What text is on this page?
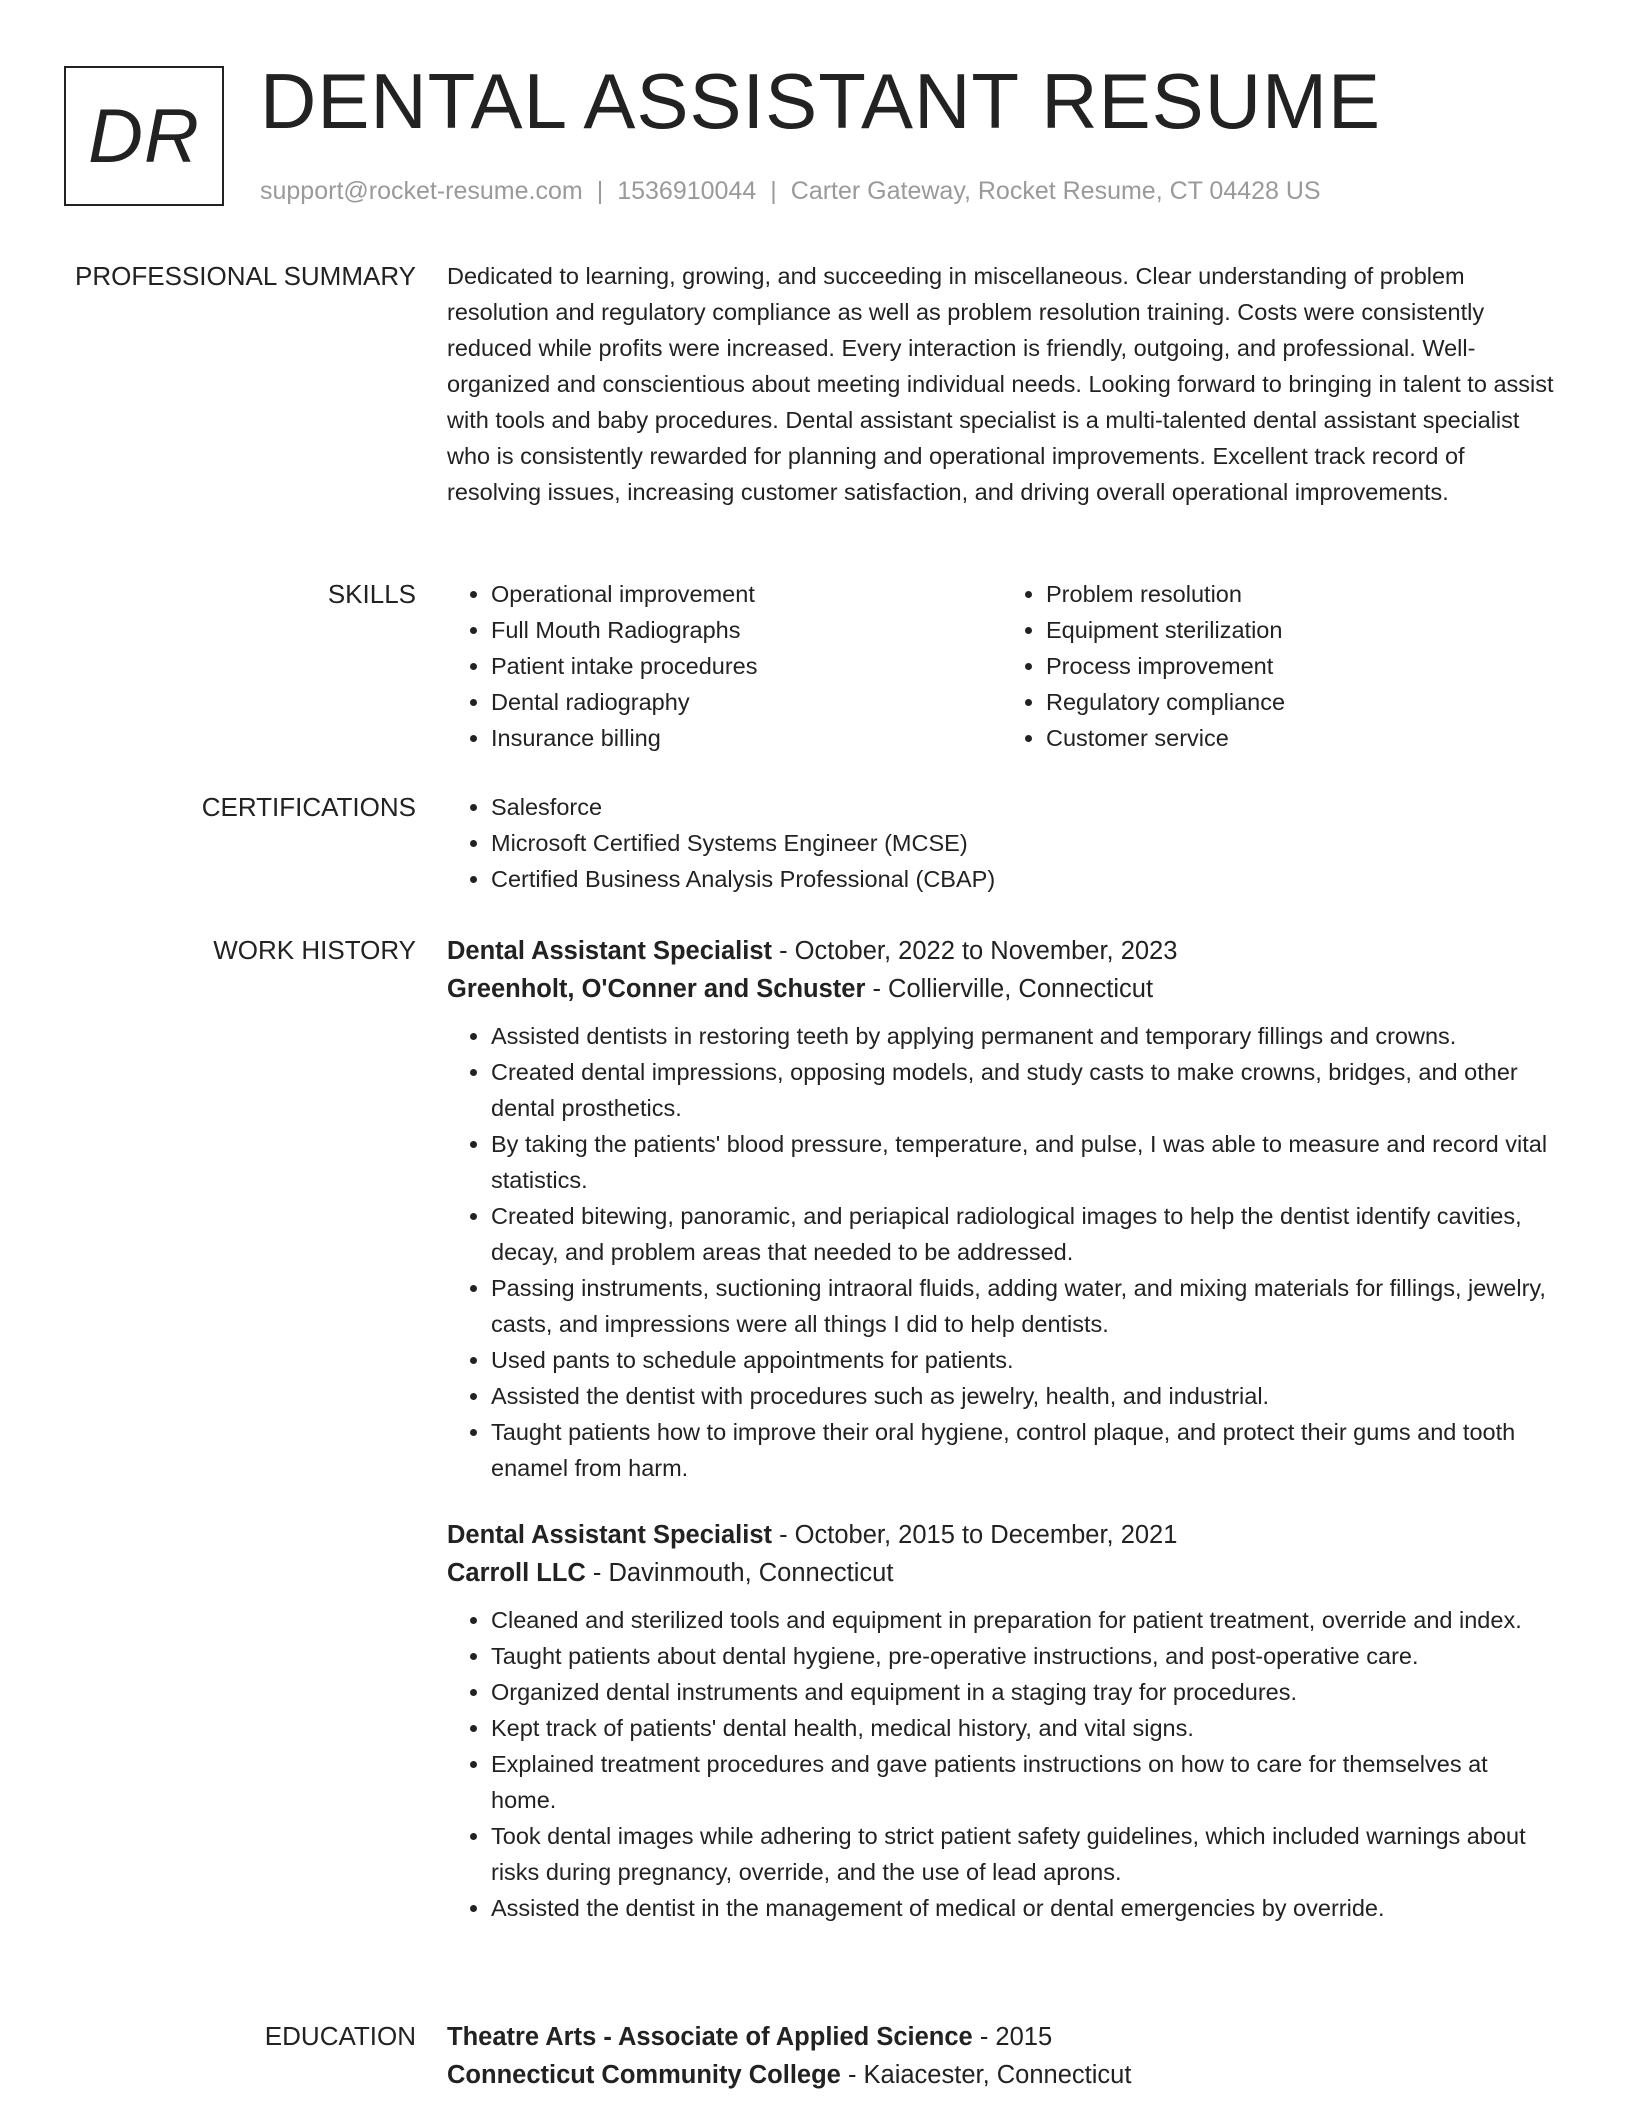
DR DENTAL ASSISTANT RESUME
support@rocket-resume.com | 1536910044 | Carter Gateway, Rocket Resume, CT 04428 US
PROFESSIONAL SUMMARY Dedicated to learning, growing, and succeeding in miscellaneous. Clear understanding of problem resolution and regulatory compliance as well as problem resolution training. Costs were consistently reduced while profits were increased. Every interaction is friendly, outgoing, and professional. Well-organized and conscientious about meeting individual needs. Looking forward to bringing in talent to assist with tools and baby procedures. Dental assistant specialist is a multi-talented dental assistant specialist who is consistently rewarded for planning and operational improvements. Excellent track record of resolving issues, increasing customer satisfaction, and driving overall operational improvements.

SKILLS	• Operational improvement
• Full Mouth Radiographs
• Patient intake procedures
• Dental radiography
• Insurance billing
• Problem resolution
• Equipment sterilization
• Process improvement
• Regulatory compliance
• Customer service
CERTIFICATIONS	• Salesforce
• Microsoft Certified Systems Engineer (MCSE)
• Certified Business Analysis Professional (CBAP)
WORK HISTORY Dental Assistant Specialist - October, 2022 to November, 2023
Greenholt, O'Conner and Schuster - Collierville, Connecticut
• Assisted dentists in restoring teeth by applying permanent and temporary fillings and crowns.
• Created dental impressions, opposing models, and study casts to make crowns, bridges, and other dental prosthetics.
• By taking the patients' blood pressure, temperature, and pulse, I was able to measure and record vital statistics.
• Created bitewing, panoramic, and periapical radiological images to help the dentist identify cavities, decay, and problem areas that needed to be addressed.
• Passing instruments, suctioning intraoral fluids, adding water, and mixing materials for fillings, jewelry, casts, and impressions were all things I did to help dentists.
• Used pants to schedule appointments for patients.
• Assisted the dentist with procedures such as jewelry, health, and industrial.
• Taught patients how to improve their oral hygiene, control plaque, and protect their gums and tooth enamel from harm.
Dental Assistant Specialist - October, 2015 to December, 2021
Carroll LLC - Davinmouth, Connecticut
• Cleaned and sterilized tools and equipment in preparation for patient treatment, override and index.
• Taught patients about dental hygiene, pre-operative instructions, and post-operative care.
• Organized dental instruments and equipment in a staging tray for procedures.
• Kept track of patients' dental health, medical history, and vital signs.
• Explained treatment procedures and gave patients instructions on how to care for themselves at home.
• Took dental images while adhering to strict patient safety guidelines, which included warnings about risks during pregnancy, override, and the use of lead aprons.
• Assisted the dentist in the management of medical or dental emergencies by override.
EDUCATION Theatre Arts - Associate of Applied Science - 2015
Connecticut Community College - Kaiacester, Connecticut
